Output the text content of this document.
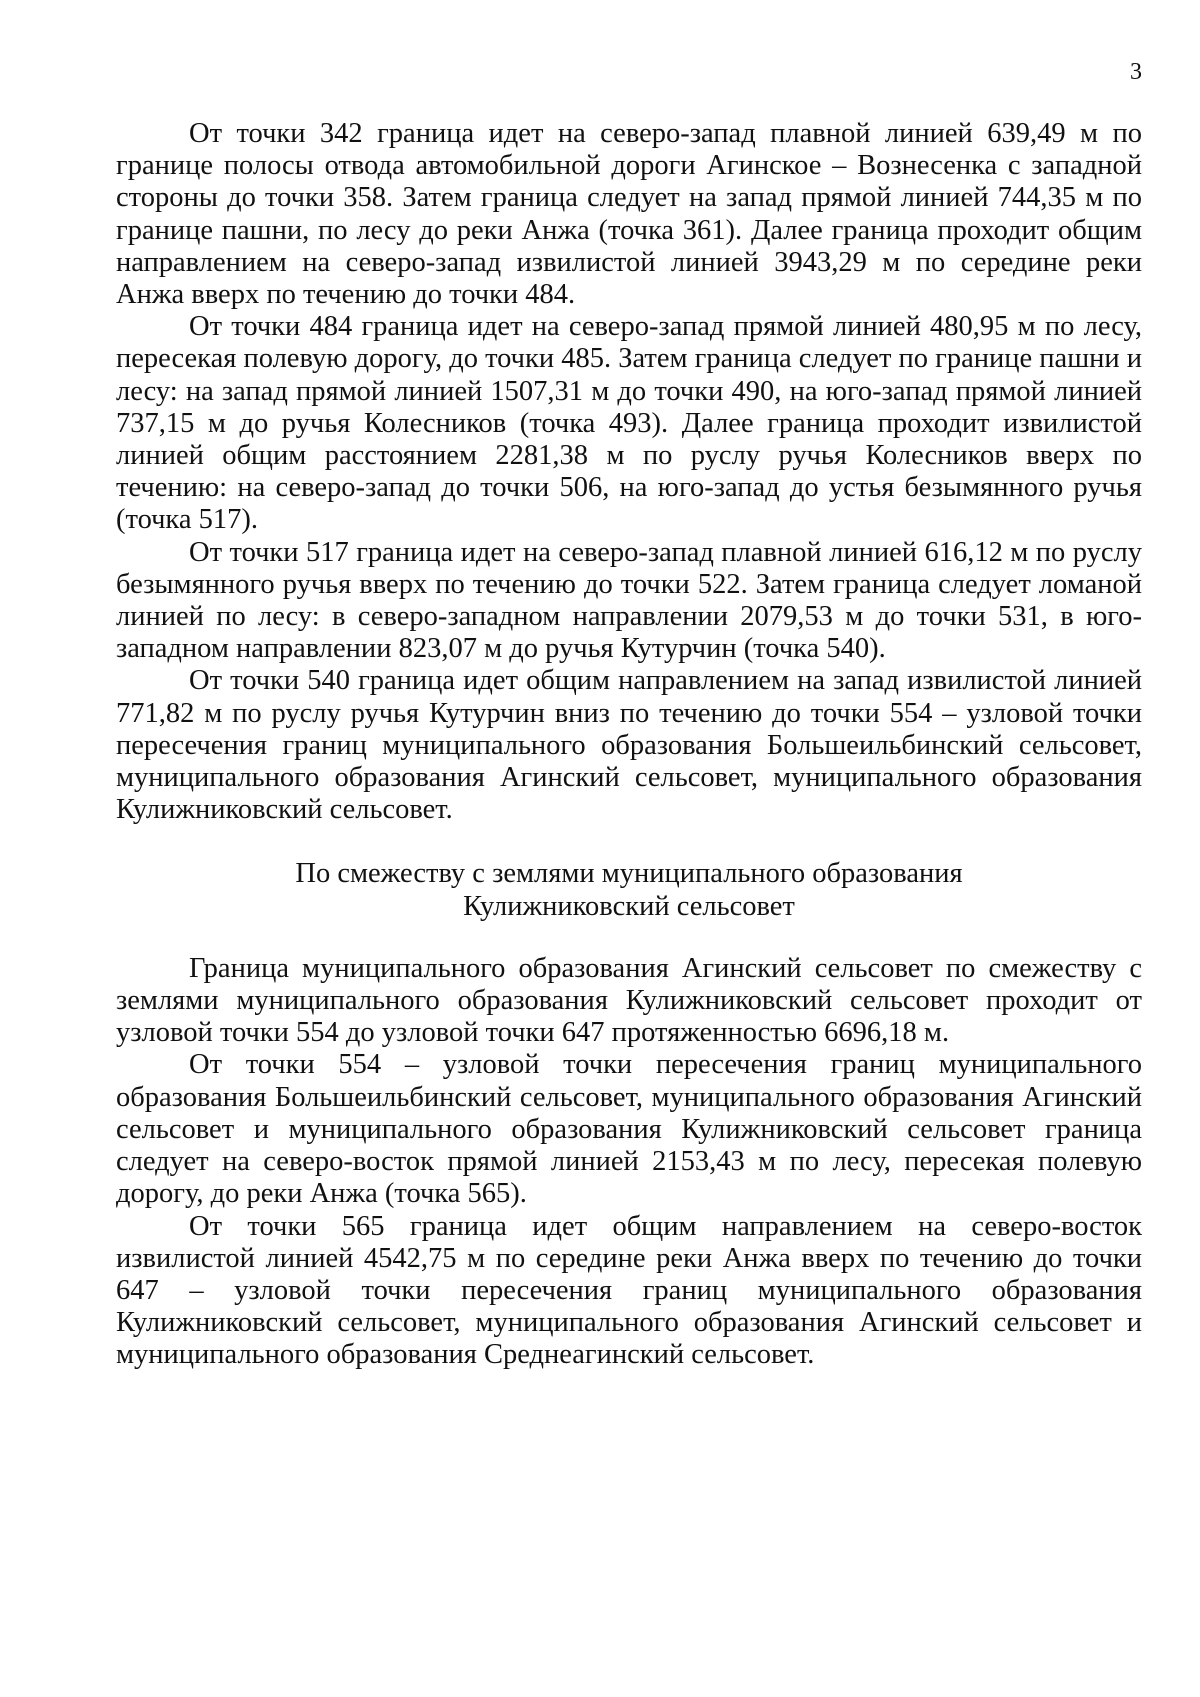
3

От точки 342 граница идет на северо-запад плавной линией 639,49 м по границе полосы отвода автомобильной дороги Агинское – Вознесенка с западной стороны до точки 358. Затем граница следует на запад прямой линией 744,35 м по границе пашни, по лесу до реки Анжа (точка 361). Далее граница проходит общим направлением на северо-запад извилистой линией 3943,29 м по середине реки Анжа вверх по течению до точки 484.

От точки 484 граница идет на северо-запад прямой линией 480,95 м по лесу, пересекая полевую дорогу, до точки 485. Затем граница следует по границе пашни и лесу: на запад прямой линией 1507,31 м до точки 490, на юго-запад прямой линией 737,15 м до ручья Колесников (точка 493). Далее граница проходит извилистой линией общим расстоянием 2281,38 м по руслу ручья Колесников вверх по течению: на северо-запад до точки 506, на юго-запад до устья безымянного ручья (точка 517).

От точки 517 граница идет на северо-запад плавной линией 616,12 м по руслу безымянного ручья вверх по течению до точки 522. Затем граница следует ломаной линией по лесу: в северо-западном направлении 2079,53 м до точки 531, в юго-западном направлении 823,07 м до ручья Кутурчин (точка 540).

От точки 540 граница идет общим направлением на запад извилистой линией 771,82 м по руслу ручья Кутурчин вниз по течению до точки 554 – узловой точки пересечения границ муниципального образования Большеильбинский сельсовет, муниципального образования Агинский сельсовет, муниципального образования Кулижниковский сельсовет.

По смежеству с землями муниципального образования
Кулижниковский сельсовет

Граница муниципального образования Агинский сельсовет по смежеству с землями муниципального образования Кулижниковский сельсовет проходит от узловой точки 554 до узловой точки 647 протяженностью 6696,18 м.

От точки 554 – узловой точки пересечения границ муниципального образования Большеильбинский сельсовет, муниципального образования Агинский сельсовет и муниципального образования Кулижниковский сельсовет граница следует на северо-восток прямой линией 2153,43 м по лесу, пересекая полевую дорогу, до реки Анжа (точка 565).

От точки 565 граница идет общим направлением на северо-восток извилистой линией 4542,75 м по середине реки Анжа вверх по течению до точки 647 – узловой точки пересечения границ муниципального образования Кулижниковский сельсовет, муниципального образования Агинский сельсовет и муниципального образования Среднеагинский сельсовет.
